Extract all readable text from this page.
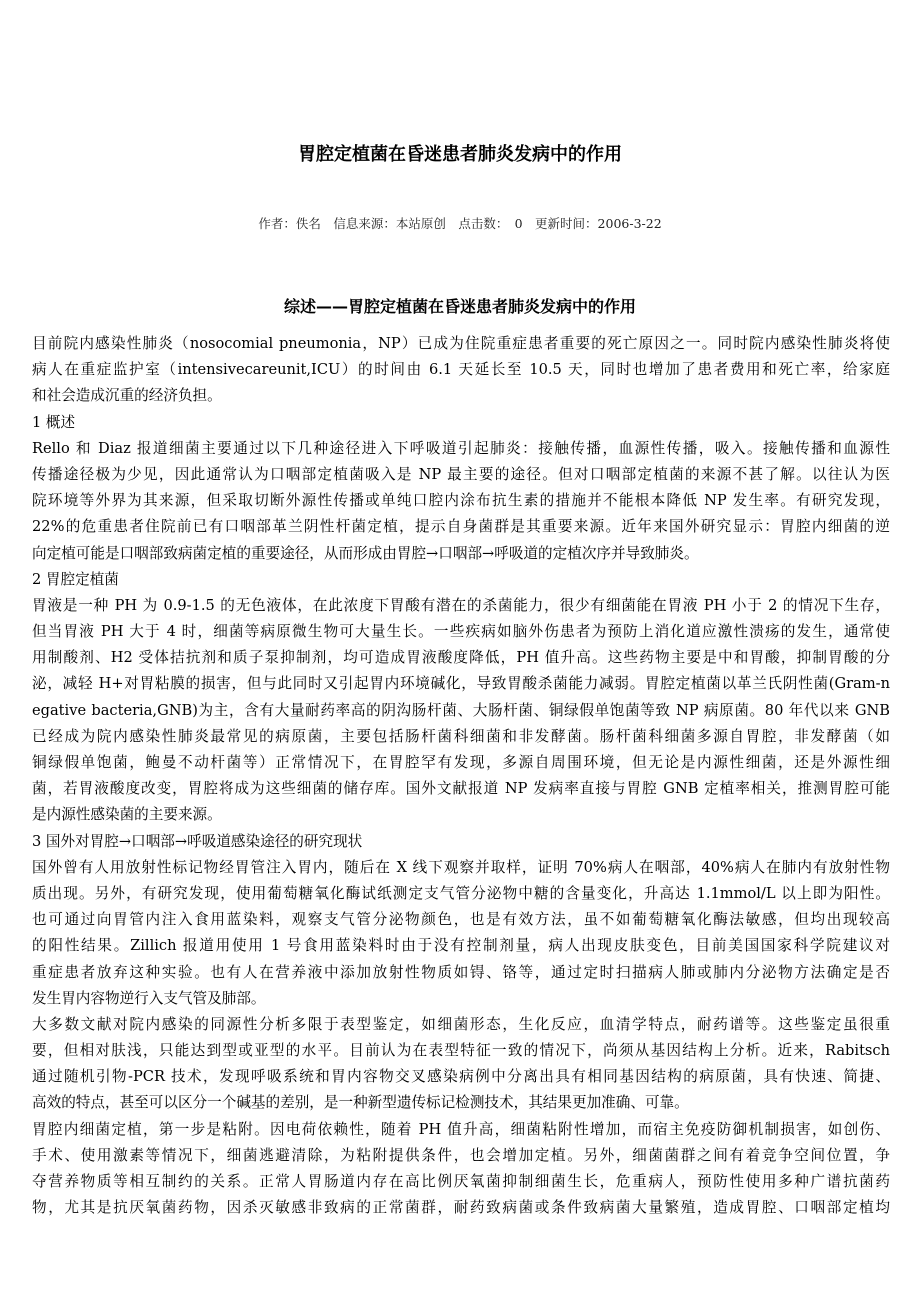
胃腔定植菌在昏迷患者肺炎发病中的作用
作者：佚名　信息来源：本站原创　点击数：　0　更新时间：2006-3-22
综述——胃腔定植菌在昏迷患者肺炎发病中的作用
目前院内感染性肺炎（nosocomial pneumonia，NP）已成为住院重症患者重要的死亡原因之一。同时院内感染性肺炎将使
病人在重症监护室（intensivecareunit,ICU）的时间由 6.1 天延长至 10.5 天，同时也增加了患者费用和死亡率，给家庭
和社会造成沉重的经济负担。
1 概述
Rello 和 Diaz 报道细菌主要通过以下几种途径进入下呼吸道引起肺炎：接触传播，血源性传播，吸入。接触传播和血源性
传播途径极为少见，因此通常认为口咽部定植菌吸入是 NP 最主要的途径。但对口咽部定植菌的来源不甚了解。以往认为医
院环境等外界为其来源，但采取切断外源性传播或单纯口腔内涂布抗生素的措施并不能根本降低 NP 发生率。有研究发现，
22%的危重患者住院前已有口咽部革兰阴性杆菌定植，提示自身菌群是其重要来源。近年来国外研究显示：胃腔内细菌的逆
向定植可能是口咽部致病菌定植的重要途径，从而形成由胃腔→口咽部→呼吸道的定植次序并导致肺炎。
2 胃腔定植菌
胃液是一种 PH 为 0.9-1.5 的无色液体，在此浓度下胃酸有潜在的杀菌能力，很少有细菌能在胃液 PH 小于 2 的情况下生存，
但当胃液 PH 大于 4 时，细菌等病原微生物可大量生长。一些疾病如脑外伤患者为预防上消化道应激性溃疡的发生，通常使
用制酸剂、H2 受体拮抗剂和质子泵抑制剂，均可造成胃液酸度降低，PH 值升高。这些药物主要是中和胃酸，抑制胃酸的分
泌，减轻 H+对胃粘膜的损害，但与此同时又引起胃内环境碱化，导致胃酸杀菌能力减弱。胃腔定植菌以革兰氏阴性菌(Gram-n
egative bacteria,GNB)为主，含有大量耐药率高的阴沟肠杆菌、大肠杆菌、铜绿假单饱菌等致 NP 病原菌。80 年代以来 GNB
已经成为院内感染性肺炎最常见的病原菌，主要包括肠杆菌科细菌和非发酵菌。肠杆菌科细菌多源自胃腔，非发酵菌（如
铜绿假单饱菌，鲍曼不动杆菌等）正常情况下，在胃腔罕有发现，多源自周围环境，但无论是内源性细菌，还是外源性细
菌，若胃液酸度改变，胃腔将成为这些细菌的储存库。国外文献报道 NP 发病率直接与胃腔 GNB 定植率相关，推测胃腔可能
是内源性感染菌的主要来源。
3 国外对胃腔→口咽部→呼吸道感染途径的研究现状
国外曾有人用放射性标记物经胃管注入胃内，随后在 X 线下观察并取样，证明 70%病人在咽部，40%病人在肺内有放射性物
质出现。另外，有研究发现，使用葡萄糖氧化酶试纸测定支气管分泌物中糖的含量变化，升高达 1.1mmol/L 以上即为阳性。
也可通过向胃管内注入食用蓝染料，观察支气管分泌物颜色，也是有效方法，虽不如葡萄糖氧化酶法敏感，但均出现较高
的阳性结果。Zillich 报道用使用 1 号食用蓝染料时由于没有控制剂量，病人出现皮肤变色，目前美国国家科学院建议对
重症患者放弃这种实验。也有人在营养液中添加放射性物质如锝、铬等，通过定时扫描病人肺或肺内分泌物方法确定是否
发生胃内容物逆行入支气管及肺部。
大多数文献对院内感染的同源性分析多限于表型鉴定，如细菌形态，生化反应，血清学特点，耐药谱等。这些鉴定虽很重
要，但相对肤浅，只能达到型或亚型的水平。目前认为在表型特征一致的情况下，尚须从基因结构上分析。近来，Rabitsch
通过随机引物-PCR 技术，发现呼吸系统和胃内容物交叉感染病例中分离出具有相同基因结构的病原菌，具有快速、简捷、
高效的特点，甚至可以区分一个碱基的差别，是一种新型遗传标记检测技术，其结果更加准确、可靠。
胃腔内细菌定植，第一步是粘附。因电荷依赖性，随着 PH 值升高，细菌粘附性增加，而宿主免疫防御机制损害，如创伤、
手术、使用激素等情况下，细菌逃避清除，为粘附提供条件，也会增加定植。另外，细菌菌群之间有着竞争空间位置，争
夺营养物质等相互制约的关系。正常人胃肠道内存在高比例厌氧菌抑制细菌生长，危重病人，预防性使用多种广谱抗菌药
物，尤其是抗厌氧菌药物，因杀灭敏感非致病的正常菌群，耐药致病菌或条件致病菌大量繁殖，造成胃腔、口咽部定植均
